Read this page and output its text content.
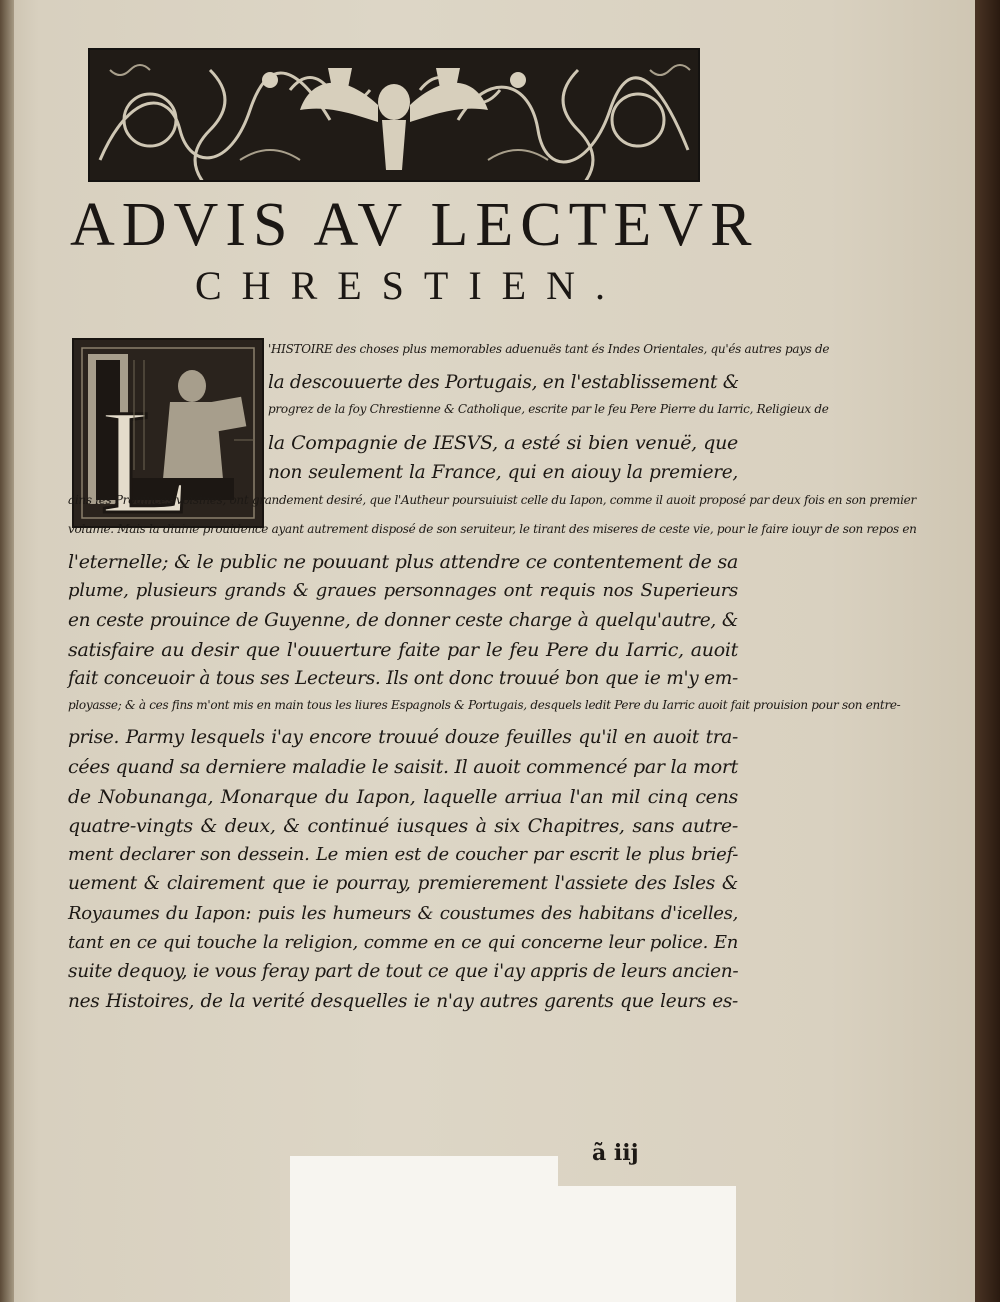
ADVIS AV LECTEVR
CHRESTIEN.
L
'HISTOIRE des choses plus memorables aduenuës tant és Indes Orientales, qu'és autres pays de
la descouuerte des Portugais, en l'establissement &
progrez de la foy Chrestienne & Catholique, escrite par le feu Pere Pierre du Iarric, Religieux de
la Compagnie de IESVS, a esté si bien venuë, que
non seulement la France, qui en aiouy la premiere,
ains les Prouinces voisines, ont grandement desiré, que l'Autheur poursuiuist celle du Iapon, comme il auoit proposé par deux fois en son premier
volume. Mais la diuine prouidence ayant autrement disposé de son seruiteur, le tirant des miseres de ceste vie, pour le faire iouyr de son repos en
l'eternelle; & le public ne pouuant plus attendre ce contentement de sa
plume, plusieurs grands & graues personnages ont requis nos Superieurs
en ceste prouince de Guyenne, de donner ceste charge à quelqu'autre, &
satisfaire au desir que l'ouuerture faite par le feu Pere du Iarric, auoit
fait conceuoir à tous ses Lecteurs. Ils ont donc trouué bon que ie m'y em-
ployasse; & à ces fins m'ont mis en main tous les liures Espagnols & Portugais, desquels ledit Pere du Iarric auoit fait prouision pour son entre-
prise. Parmy lesquels i'ay encore trouué douze feuilles qu'il en auoit tra-
cées quand sa derniere maladie le saisit. Il auoit commencé par la mort
de Nobunanga, Monarque du Iapon, laquelle arriua l'an mil cinq cens
quatre-vingts & deux, & continué iusques à six Chapitres, sans autre-
ment declarer son dessein. Le mien est de coucher par escrit le plus brief-
uement & clairement que ie pourray, premierement l'assiete des Isles &
Royaumes du Iapon: puis les humeurs & coustumes des habitans d'icelles,
tant en ce qui touche la religion, comme en ce qui concerne leur police. En
suite dequoy, ie vous feray part de tout ce que i'ay appris de leurs ancien-
nes Histoires, de la verité desquelles ie n'ay autres garents que leurs es-
ã iij
